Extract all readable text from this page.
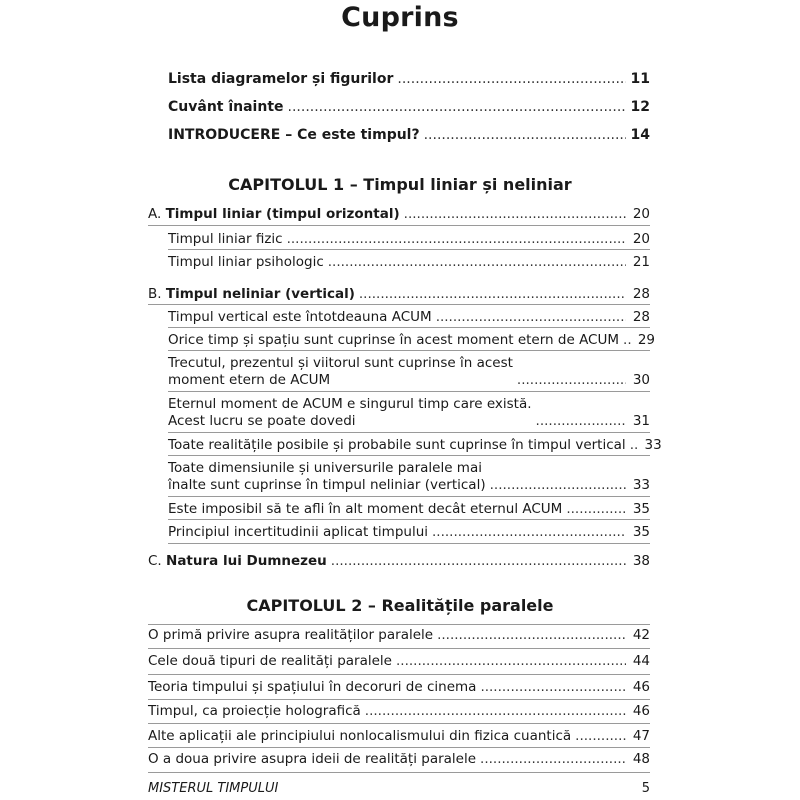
Cuprins
Lista diagramelor și figurilor .....	11
Cuvânt înainte .....	12
INTRODUCERE – Ce este timpul? .....	14
CAPITOLUL 1 – Timpul liniar și neliniar
A. Timpul liniar (timpul orizontal) .....	20
Timpul liniar fizic .....	20
Timpul liniar psihologic .....	21
B. Timpul neliniar (vertical) .....	28
Timpul vertical este întotdeauna ACUM .....	28
Orice timp și spațiu sunt cuprinse în acest moment etern de ACUM ..... 29
Trecutul, prezentul și viitorul sunt cuprinse în acest
moment etern de ACUM .....	30
Eternul moment de ACUM e singurul timp care există.
Acest lucru se poate dovedi .....	31
Toate realitățile posibile și probabile sunt cuprinse în timpul vertical ..... 33
Toate dimensiunile și universurile paralele mai
înalte sunt cuprinse în timpul neliniar (vertical) .....	33
Este imposibil să te afli în alt moment decât eternul ACUM .....	35
Principiul incertitudinii aplicat timpului .....	35
C. Natura lui Dumnezeu .....	38
CAPITOLUL 2 – Realitățile paralele
O primă privire asupra realităților paralele .....	42
Cele două tipuri de realități paralele .....	44
Teoria timpului și spațiului în decoruri de cinema .....	46
Timpul, ca proiecție holografică .....	46
Alte aplicații ale principiului nonlocalismului din fizica cuantică .....	47
O a doua privire asupra ideii de realități paralele .....	48
MISTERUL TIMPULUI	5
